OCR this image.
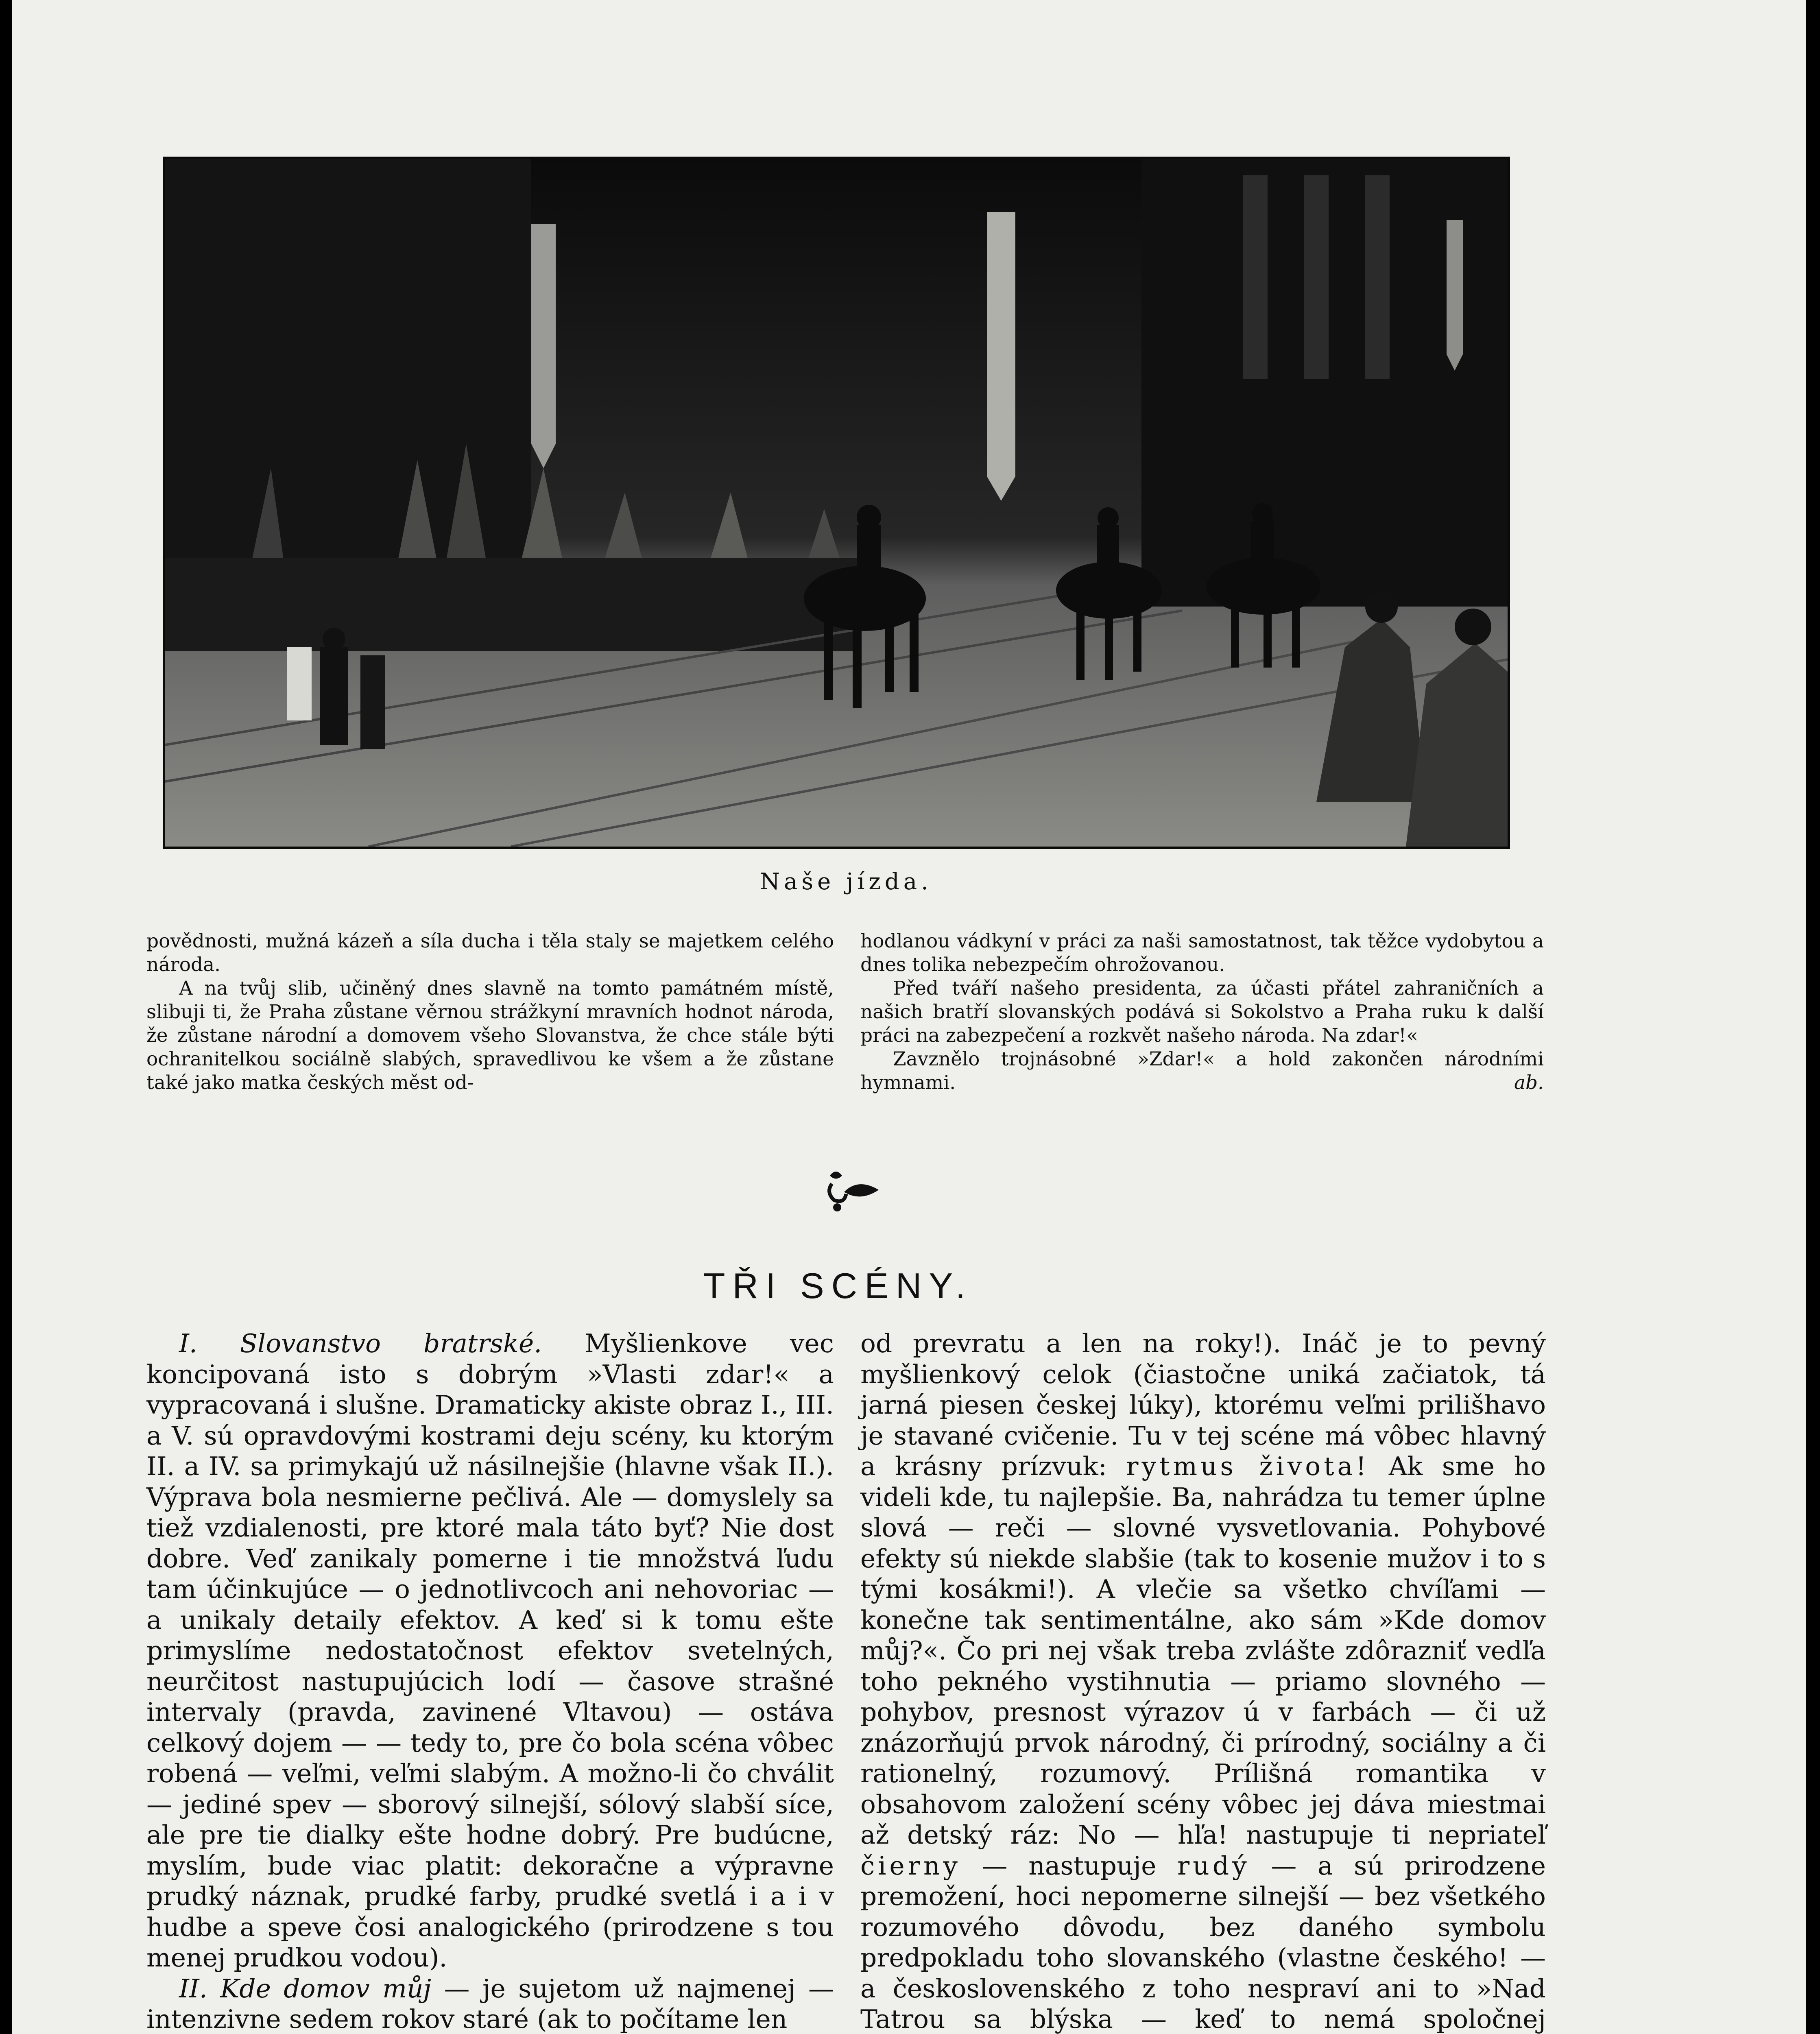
Naše jízda.

povědnosti, mužná kázeň a síla ducha i těla staly se majetkem celého národa.

A na tvůj slib, učiněný dnes slavně na tomto památném místě, slibuji ti, že Praha zůstane věrnou strážkyní mravních hodnot národa, že zůstane národní a domovem všeho Slovanstva, že chce stále býti ochranitelkou sociálně slabých, spravedlivou ke všem a že zůstane také jako matka českých měst od-

hodlanou vádkyní v práci za naši samostatnost, tak těžce vydobytou a dnes tolika nebezpečím ohrožovanou.

Před tváří našeho presidenta, za účasti přátel zahraničních a našich bratří slovanských podává si Sokolstvo a Praha ruku k další práci na zabezpečení a rozkvět našeho národa. Na zdar!«

Zavznělo trojnásobné »Zdar!« a hold zakončen národními hymnami.	ab.

TŘI SCÉNY.

I. Slovanstvo bratrské. Myšlienkove vec koncipovaná isto s dobrým »Vlasti zdar!« a vypracovaná i slušne. Dramaticky akiste obraz I., III. a V. sú opravdovými kostrami deju scény, ku ktorým II. a IV. sa primykajú už násilnejšie (hlavne však II.). Výprava bola nesmierne pečlivá. Ale — domyslely sa tiež vzdialenosti, pre ktoré mala táto byť? Nie dost dobre. Veď zanikaly pomerne i tie množstvá ľudu tam účinkujúce — o jednotlivcoch ani nehovoriac — a unikaly detaily efektov. A keď si k tomu ešte primyslíme nedostatočnost efektov svetelných, neurčitost nastupujúcich lodí — časove strašné intervaly (pravda, zavinené Vltavou) — ostáva celkový dojem — — tedy to, pre čo bola scéna vôbec robená — veľmi, veľmi slabým. A možno-li čo chválit — jediné spev — sborový silnejší, sólový slabší síce, ale pre tie dialky ešte hodne dobrý. Pre budúcne, myslím, bude viac platit: dekoračne a výpravne prudký náznak, prudké farby, prudké svetlá i a i v hudbe a speve čosi analogického (prirodzene s tou menej prudkou vodou).

II. Kde domov můj — je sujetom už najmenej — intenzivne sedem rokov staré (ak to počítame len

od prevratu a len na roky!). Ináč je to pevný myšlienkový celok (čiastočne uniká začiatok, tá jarná piesen českej lúky), ktorému veľmi prilišhavo je stavané cvičenie. Tu v tej scéne má vôbec hlavný a krásny prízvuk: rytmus života! Ak sme ho videli kde, tu najlepšie. Ba, nahrádza tu temer úplne slová — reči — slovné vysvetlovania. Pohybové efekty sú niekde slabšie (tak to kosenie mužov i to s tými kosákmi!). A vlečie sa všetko chvíľami — konečne tak sentimentálne, ako sám »Kde domov můj?«. Čo pri nej však treba zvlášte zdôrazniť vedľa toho pekného vystihnutia — priamo slovného — pohybov, presnost výrazov ú v farbách — či už znázorňujú prvok národný, či prírodný, sociálny a či rationelný, rozumový. Prílišná romantika v obsahovom založení scény vôbec jej dáva miestmai až detský ráz: No — hľa! nastupuje ti nepriateľ čierny — nastupuje rudý — a sú prirodzene premožení, hoci nepomerne silnejší — bez všetkého rozumového dôvodu, bez daného symbolu predpokladu toho slovanského (vlastne českého! — a československého z toho nespraví ani to »Nad Tatrou sa blýska — keď to nemá spoločnej
